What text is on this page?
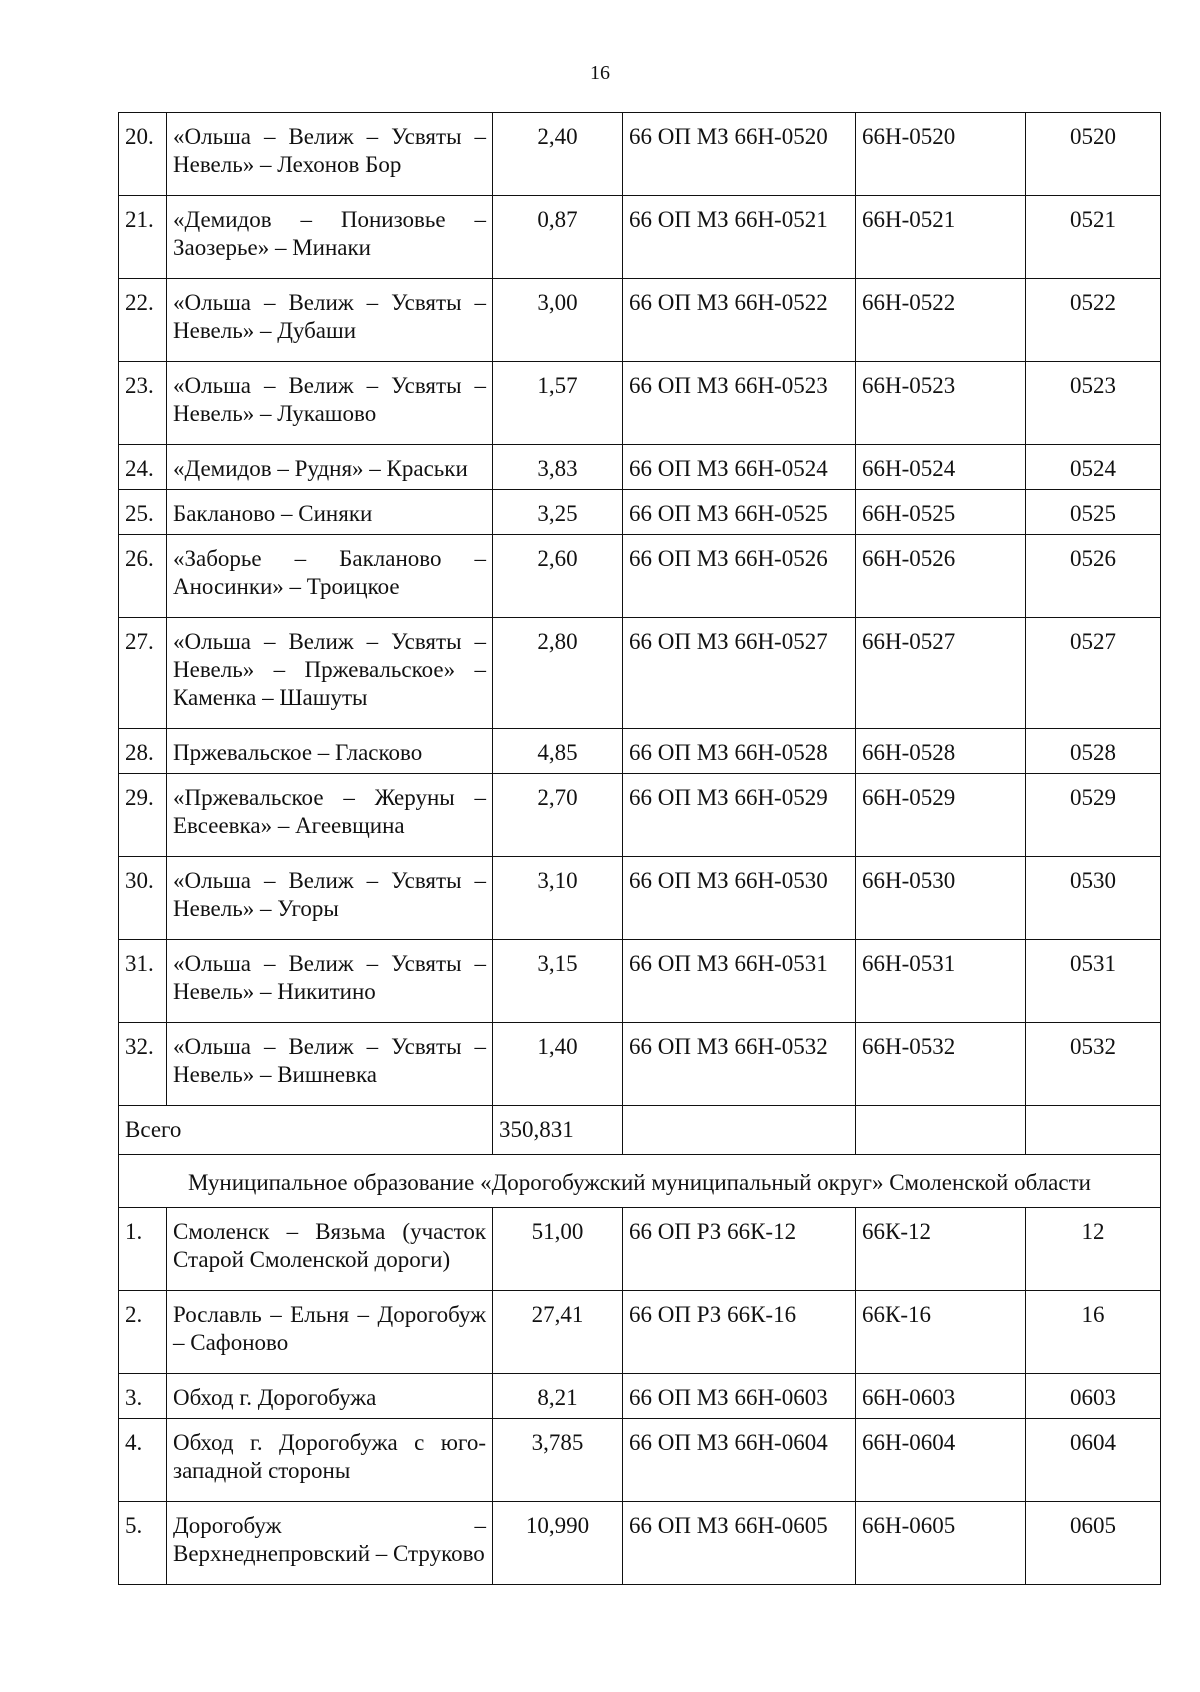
16
20.	«Ольша – Велиж – Усвяты – Невель» – Лехонов Бор	2,40	66 ОП МЗ 66Н-0520	66Н-0520	0520
21.	«Демидов – Понизовье – Заозерье» – Минаки	0,87	66 ОП МЗ 66Н-0521	66Н-0521	0521
22.	«Ольша – Велиж – Усвяты – Невель» – Дубаши	3,00	66 ОП МЗ 66Н-0522	66Н-0522	0522
23.	«Ольша – Велиж – Усвяты – Невель» – Лукашово	1,57	66 ОП МЗ 66Н-0523	66Н-0523	0523
24.	«Демидов – Рудня» – Краськи	3,83	66 ОП МЗ 66Н-0524	66Н-0524	0524
25.	Бакланово – Синяки	3,25	66 ОП МЗ 66Н-0525	66Н-0525	0525
26.	«Заборье – Бакланово – Аносинки» – Троицкое	2,60	66 ОП МЗ 66Н-0526	66Н-0526	0526
27.	«Ольша – Велиж – Усвяты – Невель» – Пржевальское» – Каменка – Шашуты	2,80	66 ОП МЗ 66Н-0527	66Н-0527	0527
28.	Пржевальское – Гласково	4,85	66 ОП МЗ 66Н-0528	66Н-0528	0528
29.	«Пржевальское – Жеруны – Евсеевка» – Агеевщина	2,70	66 ОП МЗ 66Н-0529	66Н-0529	0529
30.	«Ольша – Велиж – Усвяты – Невель» – Угоры	3,10	66 ОП МЗ 66Н-0530	66Н-0530	0530
31.	«Ольша – Велиж – Усвяты – Невель» – Никитино	3,15	66 ОП МЗ 66Н-0531	66Н-0531	0531
32.	«Ольша – Велиж – Усвяты – Невель» – Вишневка	1,40	66 ОП МЗ 66Н-0532	66Н-0532	0532
Всего		350,831			
Муниципальное образование «Дорогобужский муниципальный округ» Смоленской области					
1.	Смоленск – Вязьма (участок Старой Смоленской дороги)	51,00	66 ОП РЗ 66К-12	66К-12	12
2.	Рославль – Ельня – Дорогобуж – Сафоново	27,41	66 ОП РЗ 66К-16	66К-16	16
3.	Обход г. Дорогобужа	8,21	66 ОП МЗ 66Н-0603	66Н-0603	0603
4.	Обход г. Дорогобужа с юго-западной стороны	3,785	66 ОП МЗ 66Н-0604	66Н-0604	0604
5.	Дорогобуж – Верхнеднепровский – Струково	10,990	66 ОП МЗ 66Н-0605	66Н-0605	0605
